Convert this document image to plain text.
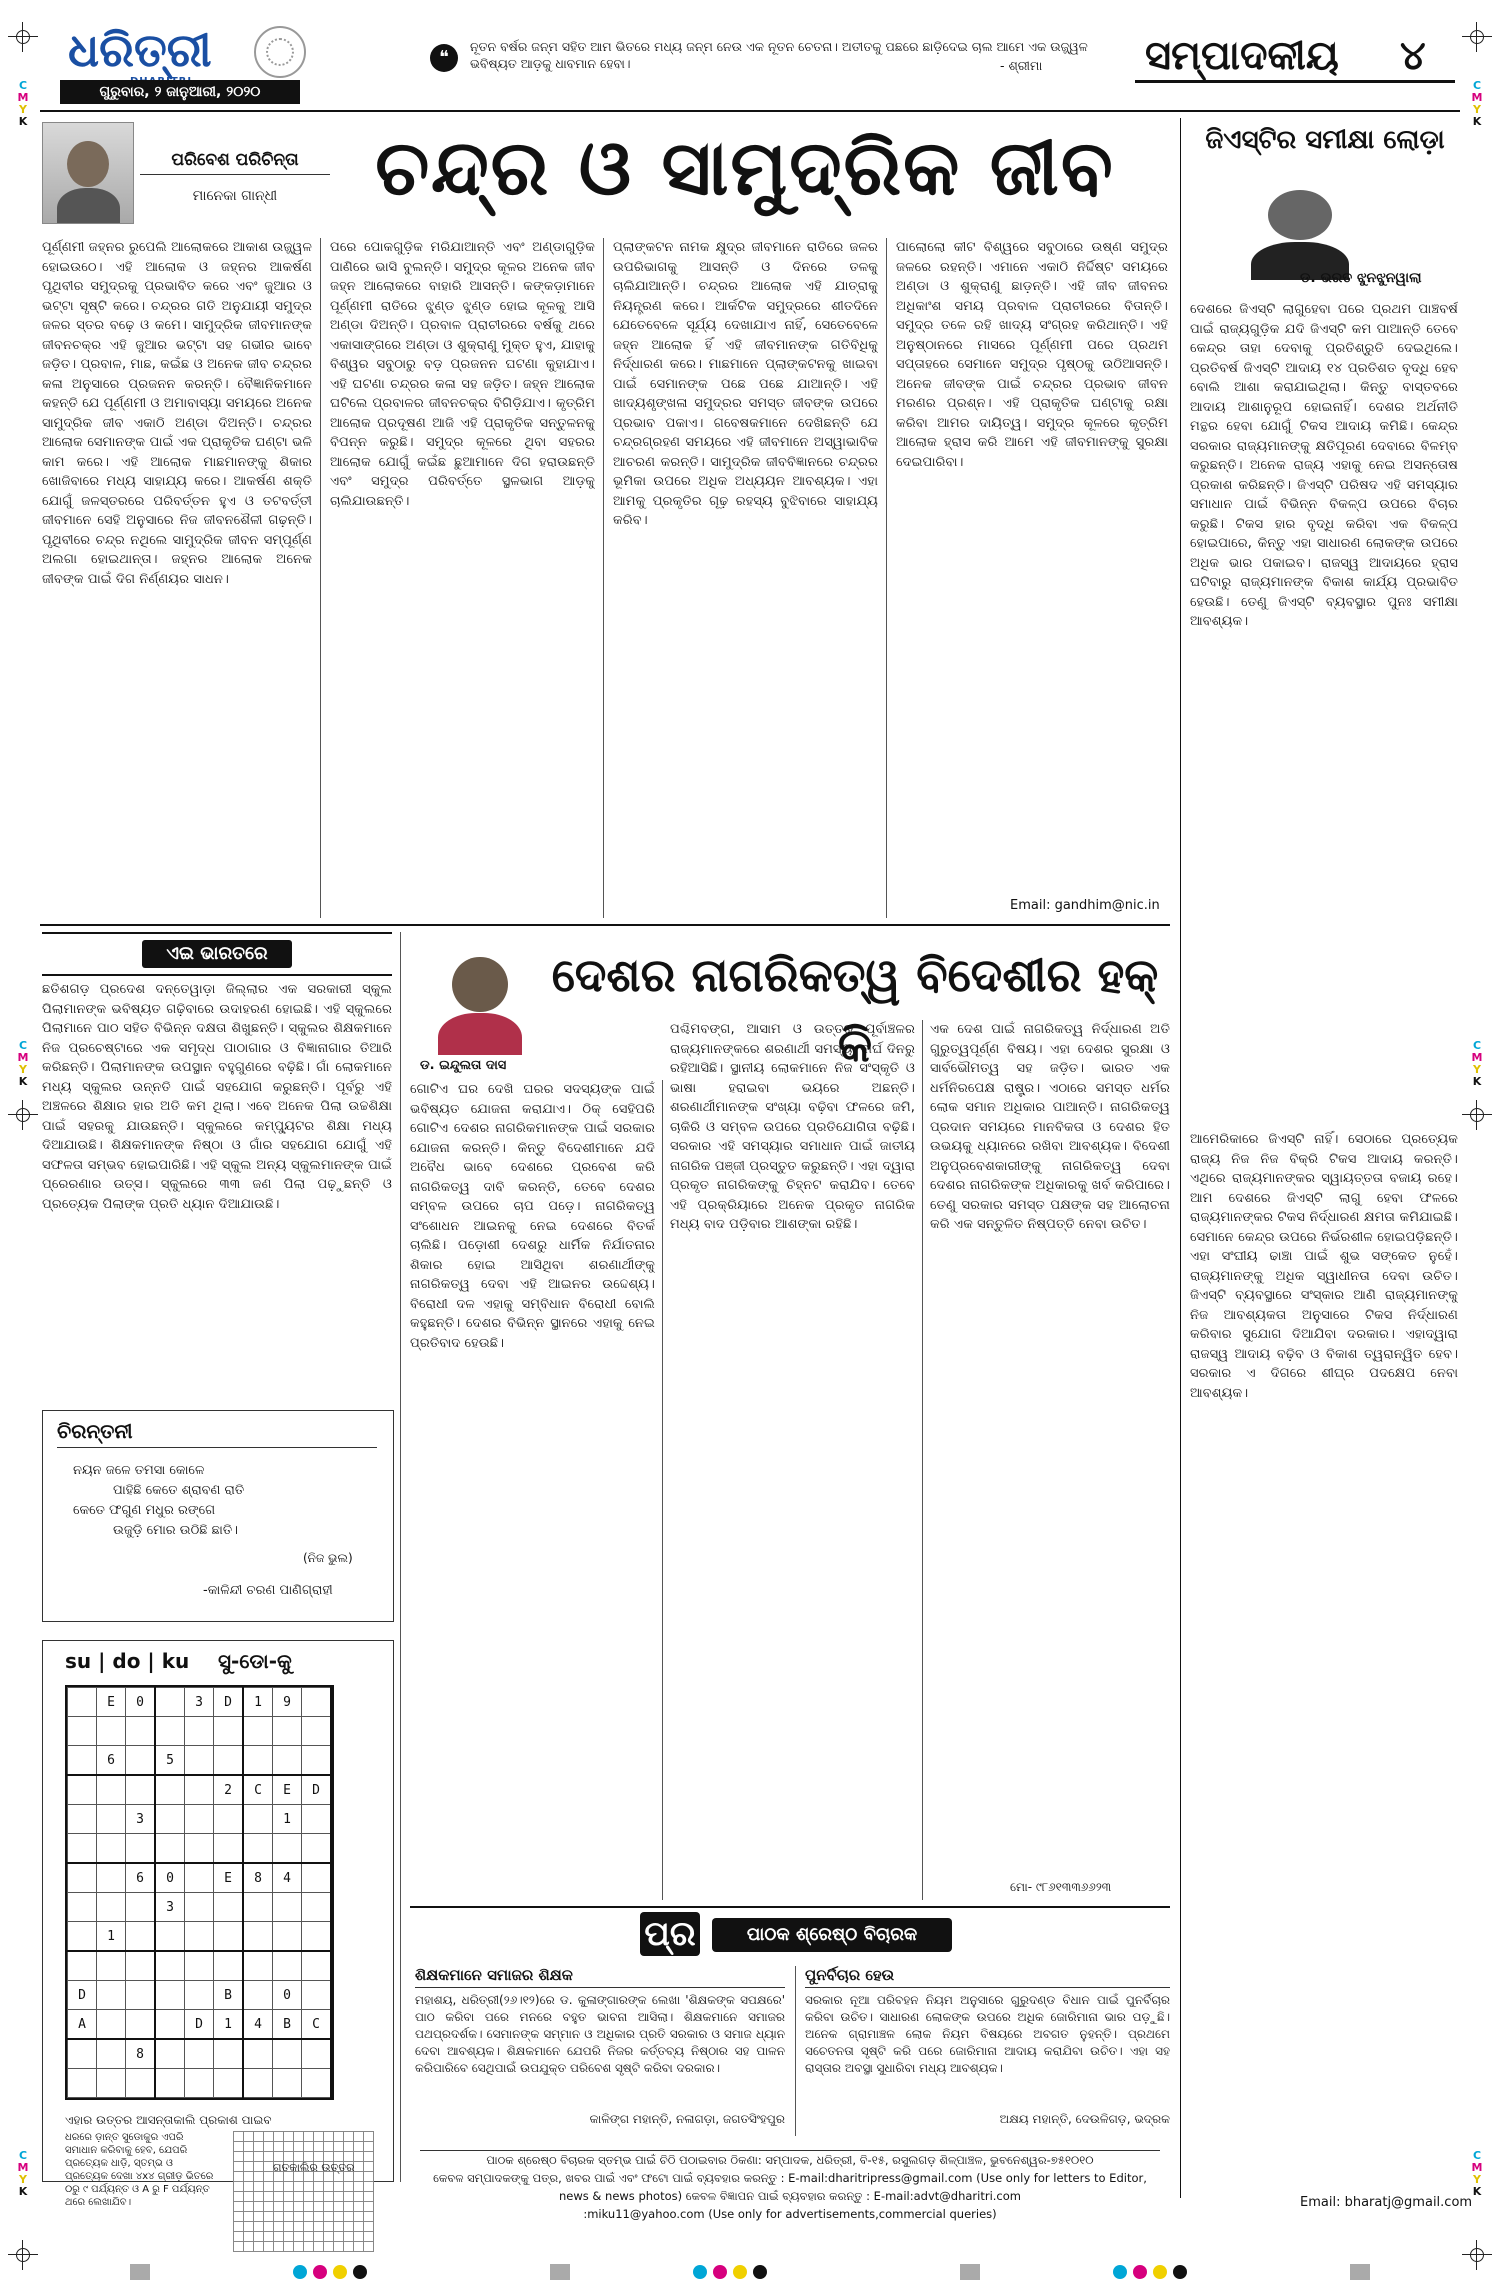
C
M
Y
K
C
M
Y
K
C
M
Y
K
C
M
Y
K
C
M
Y
K
C
M
Y
K
ଧରିତ୍ରୀ
ଗୁରୁବାର, ୨ ଜାନୁଆରୀ, ୨୦୨୦
❝
ନୂତନ ବର୍ଷର ଜନ୍ମ ସହିତ ଆମ ଭିତରେ ମଧ୍ୟ ଜନ୍ମ ନେଉ ଏକ ନୂତନ ଚେତନା। ଅତୀତକୁ ପଛରେ ଛାଡ଼ିଦେଇ ଚାଲ ଆମେ ଏକ ଉଜ୍ଜ୍ୱଳ ଭବିଷ୍ୟତ ଆଡ଼କୁ ଧାବମାନ ହେବା।	- ଶ୍ରୀମା	ସମ୍ପାଦକୀୟ ୪
ପରିବେଶ ପରିଚିନ୍ତା
ମାନେକା ଗାନ୍ଧୀ	ଚନ୍ଦ୍ର ଓ ସାମୁଦ୍ରିକ ଜୀବ

ପୂର୍ଣ୍ଣମୀ ଜହ୍ନର ରୁପେଲି ଆଲୋକରେ ଆକାଶ ଉଜ୍ଜ୍ୱଳ ହୋଇଉଠେ। ଏହି ଆଲୋକ ଓ ଜହ୍ନର ଆକର୍ଷଣ ପୃଥିବୀର ସମୁଦ୍ରକୁ ପ୍ରଭାବିତ କରେ ଏବଂ ଜୁଆର ଓ ଭଟ୍ଟା ସୃଷ୍ଟି କରେ। ଚନ୍ଦ୍ରର ଗତି ଅନୁଯାୟୀ ସମୁଦ୍ର ଜଳର ସ୍ତର ବଢ଼େ ଓ କମେ। ସାମୁଦ୍ରିକ ଜୀବମାନଙ୍କ ଜୀବନଚକ୍ର ଏହି ଜୁଆର ଭଟ୍ଟା ସହ ଗଭୀର ଭାବେ ଜଡ଼ିତ। ପ୍ରବାଳ, ମାଛ, କଇଁଛ ଓ ଅନେକ ଜୀବ ଚନ୍ଦ୍ରର କଳା ଅନୁସାରେ ପ୍ରଜନନ କରନ୍ତି। ବୈଜ୍ଞାନିକମାନେ କହନ୍ତି ଯେ ପୂର୍ଣ୍ଣମୀ ଓ ଅମାବାସ୍ୟା ସମୟରେ ଅନେକ ସାମୁଦ୍ରିକ ଜୀବ ଏକାଠି ଅଣ୍ଡା ଦିଅନ୍ତି। ଚନ୍ଦ୍ରର ଆଲୋକ ସେମାନଙ୍କ ପାଇଁ ଏକ ପ୍ରାକୃତିକ ଘଣ୍ଟା ଭଳି କାମ କରେ। ଏହି ଆଲୋକ ମାଛମାନଙ୍କୁ ଶିକାର ଖୋଜିବାରେ ମଧ୍ୟ ସାହାଯ୍ୟ କରେ। ଆକର୍ଷଣ ଶକ୍ତି ଯୋଗୁଁ ଜଳସ୍ତରରେ ପରିବର୍ତ୍ତନ ହୁଏ ଓ ତଟବର୍ତ୍ତୀ ଜୀବମାନେ ସେହି ଅନୁସାରେ ନିଜ ଜୀବନଶୈଳୀ ଗଢ଼ନ୍ତି। ପୃଥିବୀରେ ଚନ୍ଦ୍ର ନଥିଲେ ସାମୁଦ୍ରିକ ଜୀବନ ସମ୍ପୂର୍ଣ୍ଣ ଅଲଗା ହୋଇଥାନ୍ତା। ଜହ୍ନର ଆଲୋକ ଅନେକ ଜୀବଙ୍କ ପାଇଁ ଦିଗ ନିର୍ଣ୍ଣୟର ସାଧନ।

ପରେ ପୋକଗୁଡ଼ିକ ମରିଯାଆନ୍ତି ଏବଂ ଅଣ୍ଡାଗୁଡ଼ିକ ପାଣିରେ ଭାସି ବୁଲନ୍ତି। ସମୁଦ୍ର କୂଳର ଅନେକ ଜୀବ ଜହ୍ନ ଆଲୋକରେ ବାହାରି ଆସନ୍ତି। କଙ୍କଡ଼ାମାନେ ପୂର୍ଣ୍ଣମୀ ରାତିରେ ଝୁଣ୍ଡ ଝୁଣ୍ଡ ହୋଇ କୂଳକୁ ଆସି ଅଣ୍ଡା ଦିଅନ୍ତି। ପ୍ରବାଳ ପ୍ରାଚୀରରେ ବର୍ଷକୁ ଥରେ ଏକାସାଙ୍ଗରେ ଅଣ୍ଡା ଓ ଶୁକ୍ରାଣୁ ମୁକ୍ତ ହୁଏ, ଯାହାକୁ ବିଶ୍ୱର ସବୁଠାରୁ ବଡ଼ ପ୍ରଜନନ ଘଟଣା କୁହାଯାଏ। ଏହି ଘଟଣା ଚନ୍ଦ୍ରର କଳା ସହ ଜଡ଼ିତ। ଜହ୍ନ ଆଲୋକ ଘଟିଲେ ପ୍ରବାଳର ଜୀବନଚକ୍ର ବିଗିଡ଼ିଯାଏ। କୃତ୍ରିମ ଆଲୋକ ପ୍ରଦୂଷଣ ଆଜି ଏହି ପ୍ରାକୃତିକ ସନ୍ତୁଳନକୁ ବିପନ୍ନ କରୁଛି। ସମୁଦ୍ର କୂଳରେ ଥିବା ସହରର ଆଲୋକ ଯୋଗୁଁ କଇଁଛ ଛୁଆମାନେ ଦିଗ ହରାଉଛନ୍ତି ଏବଂ ସମୁଦ୍ର ପରିବର୍ତ୍ତେ ସ୍ଥଳଭାଗ ଆଡ଼କୁ ଚାଲିଯାଉଛନ୍ତି।

ପ୍ଲାଙ୍କଟନ ନାମକ କ୍ଷୁଦ୍ର ଜୀବମାନେ ରାତିରେ ଜଳର ଉପରିଭାଗକୁ ଆସନ୍ତି ଓ ଦିନରେ ତଳକୁ ଚାଲିଯାଆନ୍ତି। ଚନ୍ଦ୍ରର ଆଲୋକ ଏହି ଯାତ୍ରାକୁ ନିୟନ୍ତ୍ରଣ କରେ। ଆର୍କଟିକ ସମୁଦ୍ରରେ ଶୀତଦିନେ ଯେତେବେଳେ ସୂର୍ଯ୍ୟ ଦେଖାଯାଏ ନାହିଁ, ସେତେବେଳେ ଜହ୍ନ ଆଲୋକ ହିଁ ଏହି ଜୀବମାନଙ୍କ ଗତିବିଧିକୁ ନିର୍ଦ୍ଧାରଣ କରେ। ମାଛମାନେ ପ୍ଲାଙ୍କଟନକୁ ଖାଇବା ପାଇଁ ସେମାନଙ୍କ ପଛେ ପଛେ ଯାଆନ୍ତି। ଏହି ଖାଦ୍ୟଶୃଙ୍ଖଳା ସମୁଦ୍ରର ସମସ୍ତ ଜୀବଙ୍କ ଉପରେ ପ୍ରଭାବ ପକାଏ। ଗବେଷକମାନେ ଦେଖିଛନ୍ତି ଯେ ଚନ୍ଦ୍ରଗ୍ରହଣ ସମୟରେ ଏହି ଜୀବମାନେ ଅସ୍ୱାଭାବିକ ଆଚରଣ କରନ୍ତି। ସାମୁଦ୍ରିକ ଜୀବବିଜ୍ଞାନରେ ଚନ୍ଦ୍ରର ଭୂମିକା ଉପରେ ଅଧିକ ଅଧ୍ୟୟନ ଆବଶ୍ୟକ। ଏହା ଆମକୁ ପ୍ରକୃତିର ଗୂଢ଼ ରହସ୍ୟ ବୁଝିବାରେ ସାହାଯ୍ୟ କରିବ।

ପାଲୋଲୋ କୀଟ ବିଶ୍ୱରେ ସବୁଠାରେ ଉଷ୍ଣ ସମୁଦ୍ର ଜଳରେ ରହନ୍ତି। ଏମାନେ ଏକାଠି ନିର୍ଦ୍ଦିଷ୍ଟ ସମୟରେ ଅଣ୍ଡା ଓ ଶୁକ୍ରାଣୁ ଛାଡ଼ନ୍ତି। ଏହି ଜୀବ ଜୀବନର ଅଧିକାଂଶ ସମୟ ପ୍ରବାଳ ପ୍ରାଚୀରରେ ବିତାନ୍ତି। ସମୁଦ୍ର ତଳେ ରହି ଖାଦ୍ୟ ସଂଗ୍ରହ କରିଥାନ୍ତି। ଏହି ଅନୁଷ୍ଠାନରେ ମାସରେ ପୂର୍ଣ୍ଣମୀ ପରେ ପ୍ରଥମ ସପ୍ତାହରେ ସେମାନେ ସମୁଦ୍ର ପୃଷ୍ଠକୁ ଉଠିଆସନ୍ତି। ଅନେକ ଜୀବଙ୍କ ପାଇଁ ଚନ୍ଦ୍ରର ପ୍ରଭାବ ଜୀବନ ମରଣର ପ୍ରଶ୍ନ। ଏହି ପ୍ରାକୃତିକ ଘଣ୍ଟାକୁ ରକ୍ଷା କରିବା ଆମର ଦାୟିତ୍ୱ। ସମୁଦ୍ର କୂଳରେ କୃତ୍ରିମ ଆଲୋକ ହ୍ରାସ କରି ଆମେ ଏହି ଜୀବମାନଙ୍କୁ ସୁରକ୍ଷା ଦେଇପାରିବା।

Email: gandhim@nic.in
ଜିଏସ୍‌ଟିର ସମୀକ୍ଷା ଲୋଡ଼ା
ଡ. ଭରତ ଝୁନଝୁନୱାଲା

ଦେଶରେ ଜିଏସ୍‌ଟି ଲାଗୁହେବା ପରେ ପ୍ରଥମ ପାଞ୍ଚବର୍ଷ ପାଇଁ ରାଜ୍ୟଗୁଡ଼ିକ ଯଦି ଜିଏସ୍‌ଟି କମ ପାଆନ୍ତି ତେବେ କେନ୍ଦ୍ର ତାହା ଦେବାକୁ ପ୍ରତିଶ୍ରୁତି ଦେଇଥିଲେ। ପ୍ରତିବର୍ଷ ଜିଏସ୍‌ଟି ଆଦାୟ ୧୪ ପ୍ରତିଶତ ବୃଦ୍ଧି ହେବ ବୋଲି ଆଶା କରାଯାଇଥିଲା। କିନ୍ତୁ ବାସ୍ତବରେ ଆଦାୟ ଆଶାନୁରୂପ ହୋଇନାହିଁ। ଦେଶର ଅର୍ଥନୀତି ମନ୍ଥର ହେବା ଯୋଗୁଁ ଟିକସ ଆଦାୟ କମିଛି। କେନ୍ଦ୍ର ସରକାର ରାଜ୍ୟମାନଙ୍କୁ କ୍ଷତିପୂରଣ ଦେବାରେ ବିଳମ୍ବ କରୁଛନ୍ତି। ଅନେକ ରାଜ୍ୟ ଏହାକୁ ନେଇ ଅସନ୍ତୋଷ ପ୍ରକାଶ କରିଛନ୍ତି। ଜିଏସ୍‌ଟି ପରିଷଦ ଏହି ସମସ୍ୟାର ସମାଧାନ ପାଇଁ ବିଭିନ୍ନ ବିକଳ୍ପ ଉପରେ ବିଚାର କରୁଛି। ଟିକସ ହାର ବୃଦ୍ଧି କରିବା ଏକ ବିକଳ୍ପ ହୋଇପାରେ, କିନ୍ତୁ ଏହା ସାଧାରଣ ଲୋକଙ୍କ ଉପରେ ଅଧିକ ଭାର ପକାଇବ। ରାଜସ୍ୱ ଆଦାୟରେ ହ୍ରାସ ଘଟିବାରୁ ରାଜ୍ୟମାନଙ୍କ ବିକାଶ କାର୍ଯ୍ୟ ପ୍ରଭାବିତ ହେଉଛି। ତେଣୁ ଜିଏସ୍‌ଟି ବ୍ୟବସ୍ଥାର ପୁନଃ ସମୀକ୍ଷା ଆବଶ୍ୟକ।

ଆମେରିକାରେ ଜିଏସ୍‌ଟି ନାହିଁ। ସେଠାରେ ପ୍ରତ୍ୟେକ ରାଜ୍ୟ ନିଜ ନିଜ ବିକ୍ରି ଟିକସ ଆଦାୟ କରନ୍ତି। ଏଥିରେ ରାଜ୍ୟମାନଙ୍କର ସ୍ୱାୟତ୍ତତା ବଜାୟ ରହେ। ଆମ ଦେଶରେ ଜିଏସ୍‌ଟି ଲାଗୁ ହେବା ଫଳରେ ରାଜ୍ୟମାନଙ୍କର ଟିକସ ନିର୍ଦ୍ଧାରଣ କ୍ଷମତା କମିଯାଇଛି। ସେମାନେ କେନ୍ଦ୍ର ଉପରେ ନିର୍ଭରଶୀଳ ହୋଇପଡ଼ିଛନ୍ତି। ଏହା ସଂଘୀୟ ଢାଞ୍ଚା ପାଇଁ ଶୁଭ ସଙ୍କେତ ନୁହେଁ। ରାଜ୍ୟମାନଙ୍କୁ ଅଧିକ ସ୍ୱାଧୀନତା ଦେବା ଉଚିତ। ଜିଏସ୍‌ଟି ବ୍ୟବସ୍ଥାରେ ସଂସ୍କାର ଆଣି ରାଜ୍ୟମାନଙ୍କୁ ନିଜ ଆବଶ୍ୟକତା ଅନୁସାରେ ଟିକସ ନିର୍ଦ୍ଧାରଣ କରିବାର ସୁଯୋଗ ଦିଆଯିବା ଦରକାର। ଏହାଦ୍ୱାରା ରାଜସ୍ୱ ଆଦାୟ ବଢ଼ିବ ଓ ବିକାଶ ତ୍ୱରାନ୍ୱିତ ହେବ। ସରକାର ଏ ଦିଗରେ ଶୀଘ୍ର ପଦକ୍ଷେପ ନେବା ଆବଶ୍ୟକ।

Email: bharatj@gmail.com
ଏଇ ଭାରତରେ

ଛତିଶଗଡ଼ ପ୍ରଦେଶ ଦନ୍ତେୱାଡ଼ା ଜିଲ୍ଲାର ଏକ ସରକାରୀ ସ୍କୁଲ ପିଲାମାନଙ୍କ ଭବିଷ୍ୟତ ଗଢ଼ିବାରେ ଉଦାହରଣ ହୋଇଛି। ଏହି ସ୍କୁଲରେ ପିଲାମାନେ ପାଠ ସହିତ ବିଭିନ୍ନ ଦକ୍ଷତା ଶିଖୁଛନ୍ତି। ସ୍କୁଲର ଶିକ୍ଷକମାନେ ନିଜ ପ୍ରଚେଷ୍ଟାରେ ଏକ ସମୃଦ୍ଧ ପାଠାଗାର ଓ ବିଜ୍ଞାନାଗାର ତିଆରି କରିଛନ୍ତି। ପିଲାମାନଙ୍କ ଉପସ୍ଥାନ ବହୁଗୁଣରେ ବଢ଼ିଛି। ଗାଁ ଲୋକମାନେ ମଧ୍ୟ ସ୍କୁଲର ଉନ୍ନତି ପାଇଁ ସହଯୋଗ କରୁଛନ୍ତି। ପୂର୍ବରୁ ଏହି ଅଞ୍ଚଳରେ ଶିକ୍ଷାର ହାର ଅତି କମ ଥିଲା। ଏବେ ଅନେକ ପିଲା ଉଚ୍ଚଶିକ୍ଷା ପାଇଁ ସହରକୁ ଯାଉଛନ୍ତି। ସ୍କୁଲରେ କମ୍ପ୍ୟୁଟର ଶିକ୍ଷା ମଧ୍ୟ ଦିଆଯାଉଛି। ଶିକ୍ଷକମାନଙ୍କ ନିଷ୍ଠା ଓ ଗାଁର ସହଯୋଗ ଯୋଗୁଁ ଏହି ସଫଳତା ସମ୍ଭବ ହୋଇପାରିଛି। ଏହି ସ୍କୁଲ ଅନ୍ୟ ସ୍କୁଲମାନଙ୍କ ପାଇଁ ପ୍ରେରଣାର ଉତ୍ସ। ସ୍କୁଲରେ ୩୩ ଜଣ ପିଲା ପଢ଼ୁଛନ୍ତି ଓ ପ୍ରତ୍ୟେକ ପିଲାଙ୍କ ପ୍ରତି ଧ୍ୟାନ ଦିଆଯାଉଛି।

ଚିରନ୍ତନୀ
ନୟନ ଜଳେ ତମସା କୋଳେ
ପାହିଛି କେତେ ଶ୍ରାବଣ ରାତି
କେତେ ଫଗୁଣ ମଧୁର ରଙ୍ଗେ
ଉଜୁଡ଼ି ମୋର ଉଠିଛି ଛାତି।
(ନିଜ ଭୁଲ)
-କାଳିନ୍ଦୀ ଚରଣ ପାଣିଗ୍ରାହୀ
su | do | ku ସୁ-ଡୋ-କୁ
	E	0		3	D	1	9	

	6		5					
					2	C	E	D
		3					1	

		6	0		E	8	4	
			3					
	1							

D					B		0	
A				D	1	4	B	C
		8						

ଏହାର ଉତ୍ତର ଆସନ୍ତାକାଲି ପ୍ରକାଶ ପାଇବ
ଧରରେ ଡ଼ାନ୍ତ ସୁଡୋକୁର ଏପରି ସମାଧାନ କରିବାକୁ ହେବ, ଯେପରି ପ୍ରତ୍ୟେକ ଧାଡ଼ି, ସ୍ତମ୍ଭ ଓ ପ୍ରତ୍ୟେକ ଦେଖା ୪x୪ ଗ୍ରୀଡ଼ ଭିତରେ ୦ରୁ ୯ ପର୍ଯ୍ୟନ୍ତ ଓ A ରୁ F ପର୍ଯ୍ୟନ୍ତ ଥରେ ଲେଖାଯିବ।

ଗତକାଲିର ଉତ୍ତର
ଡ. ଇନ୍ଦୁଲତା ଦାସ
ଦେଶର ନାଗରିକତ୍ୱ ବିଦେଶୀର ହକ୍ କି

ଗୋଟିଏ ଘର ଦେଖି ଘରର ସଦସ୍ୟଙ୍କ ପାଇଁ ଭବିଷ୍ୟତ ଯୋଜନା କରାଯାଏ। ଠିକ୍ ସେହିପରି ଗୋଟିଏ ଦେଶର ନାଗରିକମାନଙ୍କ ପାଇଁ ସରକାର ଯୋଜନା କରନ୍ତି। କିନ୍ତୁ ବିଦେଶୀମାନେ ଯଦି ଅବୈଧ ଭାବେ ଦେଶରେ ପ୍ରବେଶ କରି ନାଗରିକତ୍ୱ ଦାବି କରନ୍ତି, ତେବେ ଦେଶର ସମ୍ବଳ ଉପରେ ଚାପ ପଡ଼େ। ନାଗରିକତ୍ୱ ସଂଶୋଧନ ଆଇନକୁ ନେଇ ଦେଶରେ ବିତର୍କ ଚାଲିଛି। ପଡ଼ୋଶୀ ଦେଶରୁ ଧାର୍ମିକ ନିର୍ଯାତନାର ଶିକାର ହୋଇ ଆସିଥିବା ଶରଣାର୍ଥୀଙ୍କୁ ନାଗରିକତ୍ୱ ଦେବା ଏହି ଆଇନର ଉଦ୍ଦେଶ୍ୟ। ବିରୋଧୀ ଦଳ ଏହାକୁ ସମ୍ବିଧାନ ବିରୋଧୀ ବୋଲି କହୁଛନ୍ତି। ଦେଶର ବିଭିନ୍ନ ସ୍ଥାନରେ ଏହାକୁ ନେଇ ପ୍ରତିବାଦ ହେଉଛି।

ପଶ୍ଚିମବଙ୍ଗ, ଆସାମ ଓ ଉତ୍ତର ପୂର୍ବାଞ୍ଚଳର ରାଜ୍ୟମାନଙ୍କରେ ଶରଣାର୍ଥୀ ସମସ୍ୟା ଦୀର୍ଘ ଦିନରୁ ରହିଆସିଛି। ସ୍ଥାନୀୟ ଲୋକମାନେ ନିଜ ସଂସ୍କୃତି ଓ ଭାଷା ହରାଇବା ଭୟରେ ଅଛନ୍ତି। ଶରଣାର୍ଥୀମାନଙ୍କ ସଂଖ୍ୟା ବଢ଼ିବା ଫଳରେ ଜମି, ଚାକିରି ଓ ସମ୍ବଳ ଉପରେ ପ୍ରତିଯୋଗିତା ବଢ଼ିଛି। ସରକାର ଏହି ସମସ୍ୟାର ସମାଧାନ ପାଇଁ ଜାତୀୟ ନାଗରିକ ପଞ୍ଜୀ ପ୍ରସ୍ତୁତ କରୁଛନ୍ତି। ଏହା ଦ୍ୱାରା ପ୍ରକୃତ ନାଗରିକଙ୍କୁ ଚିହ୍ନଟ କରାଯିବ। ତେବେ ଏହି ପ୍ରକ୍ରିୟାରେ ଅନେକ ପ୍ରକୃତ ନାଗରିକ ମଧ୍ୟ ବାଦ ପଡ଼ିବାର ଆଶଙ୍କା ରହିଛି।

ଏକ ଦେଶ ପାଇଁ ନାଗରିକତ୍ୱ ନିର୍ଦ୍ଧାରଣ ଅତି ଗୁରୁତ୍ୱପୂର୍ଣ୍ଣ ବିଷୟ। ଏହା ଦେଶର ସୁରକ୍ଷା ଓ ସାର୍ବଭୌମତ୍ୱ ସହ ଜଡ଼ିତ। ଭାରତ ଏକ ଧର୍ମନିରପେକ୍ଷ ରାଷ୍ଟ୍ର। ଏଠାରେ ସମସ୍ତ ଧର୍ମର ଲୋକ ସମାନ ଅଧିକାର ପାଆନ୍ତି। ନାଗରିକତ୍ୱ ପ୍ରଦାନ ସମୟରେ ମାନବିକତା ଓ ଦେଶର ହିତ ଉଭୟକୁ ଧ୍ୟାନରେ ରଖିବା ଆବଶ୍ୟକ। ବିଦେଶୀ ଅନୁପ୍ରବେଶକାରୀଙ୍କୁ ନାଗରିକତ୍ୱ ଦେବା ଦେଶର ନାଗରିକଙ୍କ ଅଧିକାରକୁ ଖର୍ବ କରିପାରେ। ତେଣୁ ସରକାର ସମସ୍ତ ପକ୍ଷଙ୍କ ସହ ଆଲୋଚନା କରି ଏକ ସନ୍ତୁଳିତ ନିଷ୍ପତ୍ତି ନେବା ଉଚିତ।

ମୋ- ୯୮୬୧୩୩୬୬୨୩
ପ୍ର	ପାଠକ ଶ୍ରେଷ୍ଠ ବିଚାରକ
ଶିକ୍ଷକମାନେ ସମାଜର ଶିକ୍ଷକ
ମହାଶୟ, ଧରିତ୍ରୀ(୨୬।୧୨)ରେ ଡ. କୁଳାଙ୍ଗାରଙ୍କ ଲେଖା 'ଶିକ୍ଷକଙ୍କ ସପକ୍ଷରେ' ପାଠ କରିବା ପରେ ମନରେ ବହୁତ ଭାବନା ଆସିଲା। ଶିକ୍ଷକମାନେ ସମାଜର ପଥପ୍ରଦର୍ଶକ। ସେମାନଙ୍କ ସମ୍ମାନ ଓ ଅଧିକାର ପ୍ରତି ସରକାର ଓ ସମାଜ ଧ୍ୟାନ ଦେବା ଆବଶ୍ୟକ। ଶିକ୍ଷକମାନେ ଯେପରି ନିଜର କର୍ତ୍ତବ୍ୟ ନିଷ୍ଠାର ସହ ପାଳନ କରିପାରିବେ ସେଥିପାଇଁ ଉପଯୁକ୍ତ ପରିବେଶ ସୃଷ୍ଟି କରିବା ଦରକାର।
କାଳିଙ୍ଗ ମହାନ୍ତି, ନଳାଗଡ଼ା, ଜଗତସିଂହପୁର
ପୁନର୍ବିଚାର ହେଉ
ସରକାର ନୂଆ ପରିବହନ ନିୟମ ଅନୁସାରେ ଗୁରୁଦଣ୍ଡ ବିଧାନ ପାଇଁ ପୁନର୍ବିଚାର କରିବା ଉଚିତ। ସାଧାରଣ ଲୋକଙ୍କ ଉପରେ ଅଧିକ ଜୋରିମାନା ଭାର ପଡ଼ୁଛି। ଅନେକ ଗ୍ରାମାଞ୍ଚଳ ଲୋକ ନିୟମ ବିଷୟରେ ଅବଗତ ନୁହନ୍ତି। ପ୍ରଥମେ ସଚେତନତା ସୃଷ୍ଟି କରି ପରେ ଜୋରିମାନା ଆଦାୟ କରାଯିବା ଉଚିତ। ଏହା ସହ ରାସ୍ତାର ଅବସ୍ଥା ସୁଧାରିବା ମଧ୍ୟ ଆବଶ୍ୟକ।
ଅକ୍ଷୟ ମହାନ୍ତି, ଦେଉଳିଗଡ଼, ଭଦ୍ରକ
ପାଠକ ଶ୍ରେଷ୍ଠ ବିଚାରକ ସ୍ତମ୍ଭ ପାଇଁ ଚିଠି ପଠାଇବାର ଠିକଣା: ସମ୍ପାଦକ, ଧରିତ୍ରୀ, ବି-୧୫, ରସୁଲଗଡ଼ ଶିଳ୍ପାଞ୍ଚଳ, ଭୁବନେଶ୍ୱର-୭୫୧୦୧୦
କେବଳ ସମ୍ପାଦକଙ୍କୁ ପତ୍ର, ଖବର ପାଇଁ ଏବଂ ଫଟୋ ପାଇଁ ବ୍ୟବହାର କରନ୍ତୁ : E-mail:dharitripress@gmail.com (Use only for letters to Editor,
news & news photos) କେବଳ ବିଜ୍ଞାପନ ପାଇଁ ବ୍ୟବହାର କରନ୍ତୁ : E-mail:advt@dharitri.com
:miku11@yahoo.com (Use only for advertisements,commercial queries)
